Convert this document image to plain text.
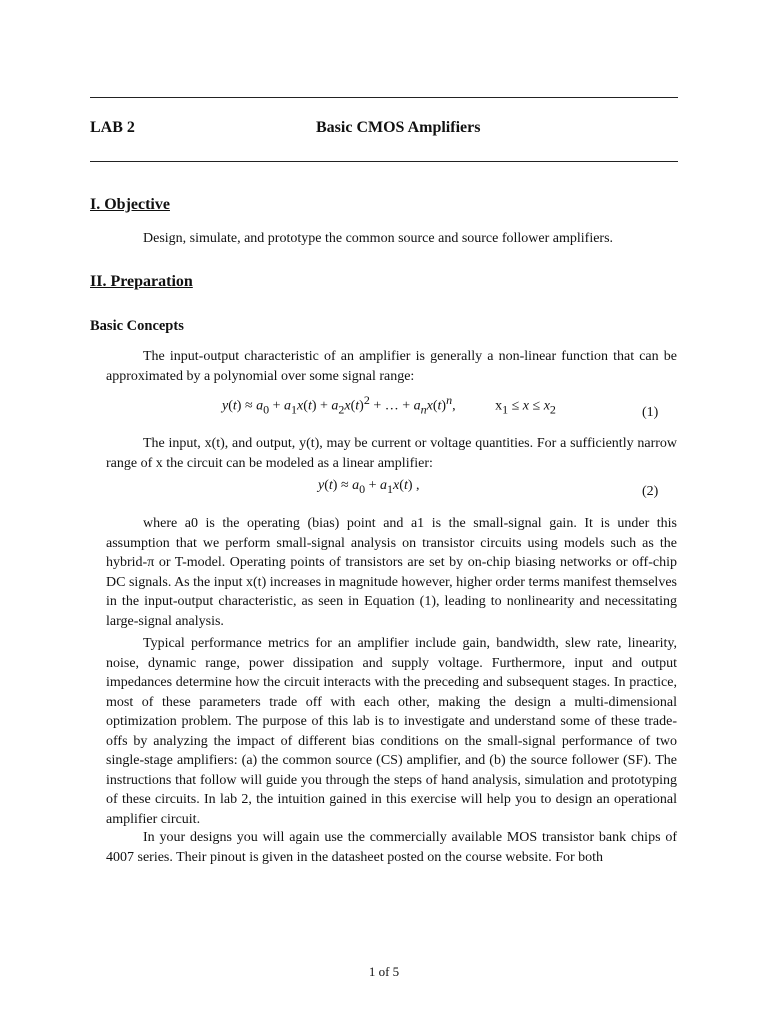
LAB 2	Basic CMOS Amplifiers
I. Objective
Design, simulate, and prototype the common source and source follower amplifiers.
II. Preparation
Basic Concepts
The input-output characteristic of an amplifier is generally a non-linear function that can be approximated by a polynomial over some signal range:
$y(t) \approx a_0 + a_1x(t) + a_2x(t)^2$ + … + $a_nx(t)^n$,	$x_1 \le x \le x_2$	(1)
The input, x(t), and output, y(t), may be current or voltage quantities. For a sufficiently narrow range of x the circuit can be modeled as a linear amplifier:
$y(t) \approx a_0 + a_1x(t)$ ,	(2)
where a0 is the operating (bias) point and a1 is the small-signal gain. It is under this assumption that we perform small-signal analysis on transistor circuits using models such as the hybrid-π or T-model. Operating points of transistors are set by on-chip biasing networks or off-chip DC signals. As the input x(t) increases in magnitude however, higher order terms manifest themselves in the input-output characteristic, as seen in Equation (1), leading to nonlinearity and necessitating large-signal analysis.
Typical performance metrics for an amplifier include gain, bandwidth, slew rate, linearity, noise, dynamic range, power dissipation and supply voltage. Furthermore, input and output impedances determine how the circuit interacts with the preceding and subsequent stages. In practice, most of these parameters trade off with each other, making the design a multi-dimensional optimization problem. The purpose of this lab is to investigate and understand some of these trade-offs by analyzing the impact of different bias conditions on the small-signal performance of two single-stage amplifiers: (a) the common source (CS) amplifier, and (b) the source follower (SF). The instructions that follow will guide you through the steps of hand analysis, simulation and prototyping of these circuits. In lab 2, the intuition gained in this exercise will help you to design an operational amplifier circuit.
In your designs you will again use the commercially available MOS transistor bank chips of 4007 series. Their pinout is given in the datasheet posted on the course website. For both
1 of 5
